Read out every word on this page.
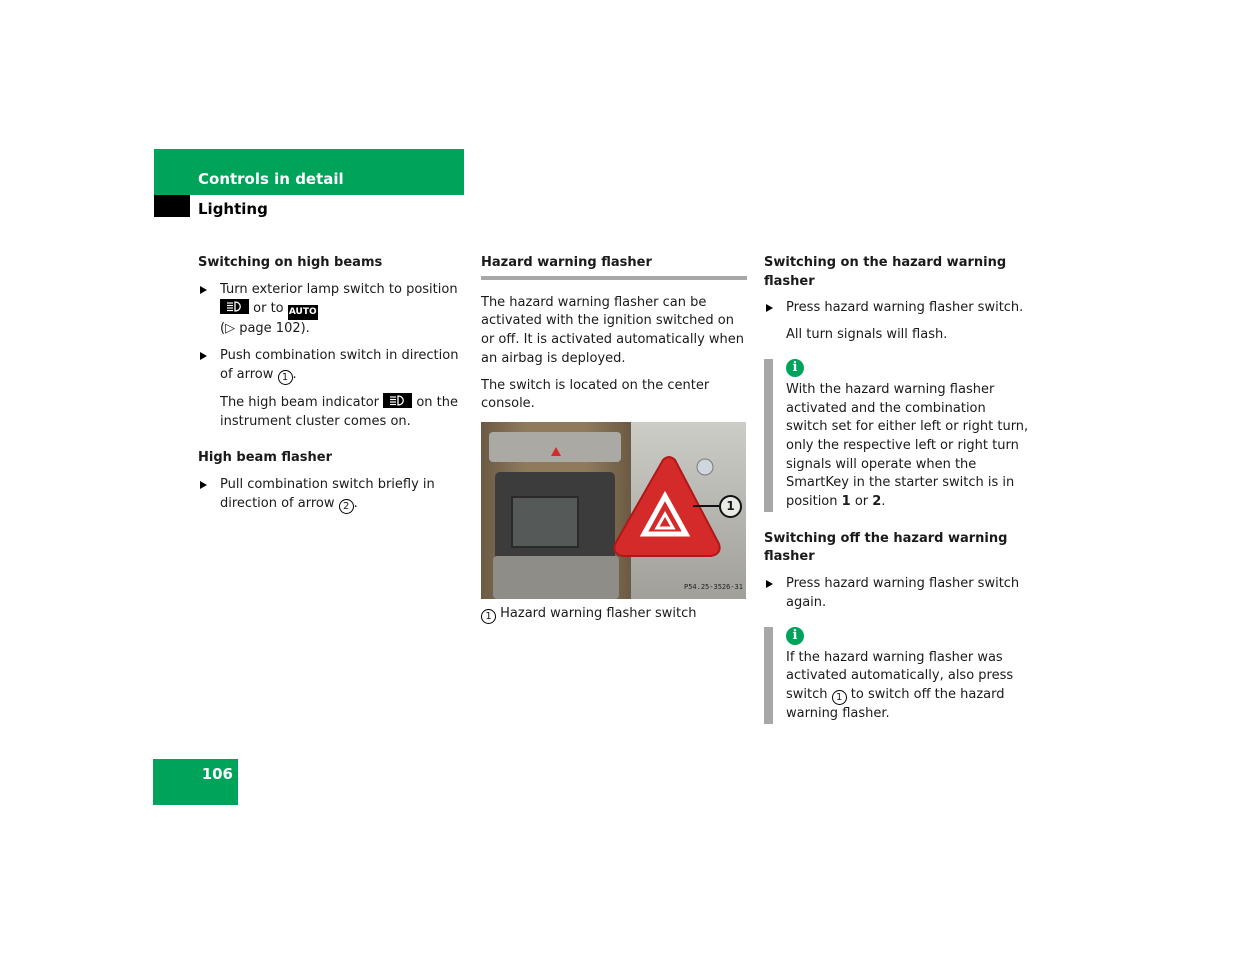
Controls in detail
Lighting
Switching on high beams
Turn exterior lamp switch to position  or to AUTO
(▷ page 102).
Push combination switch in direction of arrow 1 .
The high beam indicator	on the instrument cluster comes on.
High beam flasher
Pull combination switch briefly in direction of arrow 2 .
Hazard warning flasher

The hazard warning flasher can be activated with the ignition switched on or off. It is activated automatically when an airbag is deployed.

The switch is located on the center console.

1
P54.25-3526-31
1 Hazard warning flasher switch
Switching on the hazard warning flasher
Press hazard warning flasher switch.
All turn signals will flash.
i

With the hazard warning flasher activated and the combination switch set for either left or right turn, only the respective left or right turn signals will operate when the SmartKey in the starter switch is in position 1 or 2.

Switching off the hazard warning flasher
Press hazard warning flasher switch again.
i

If the hazard warning flasher was activated automatically, also press switch 1 to switch off the hazard warning flasher.

106
